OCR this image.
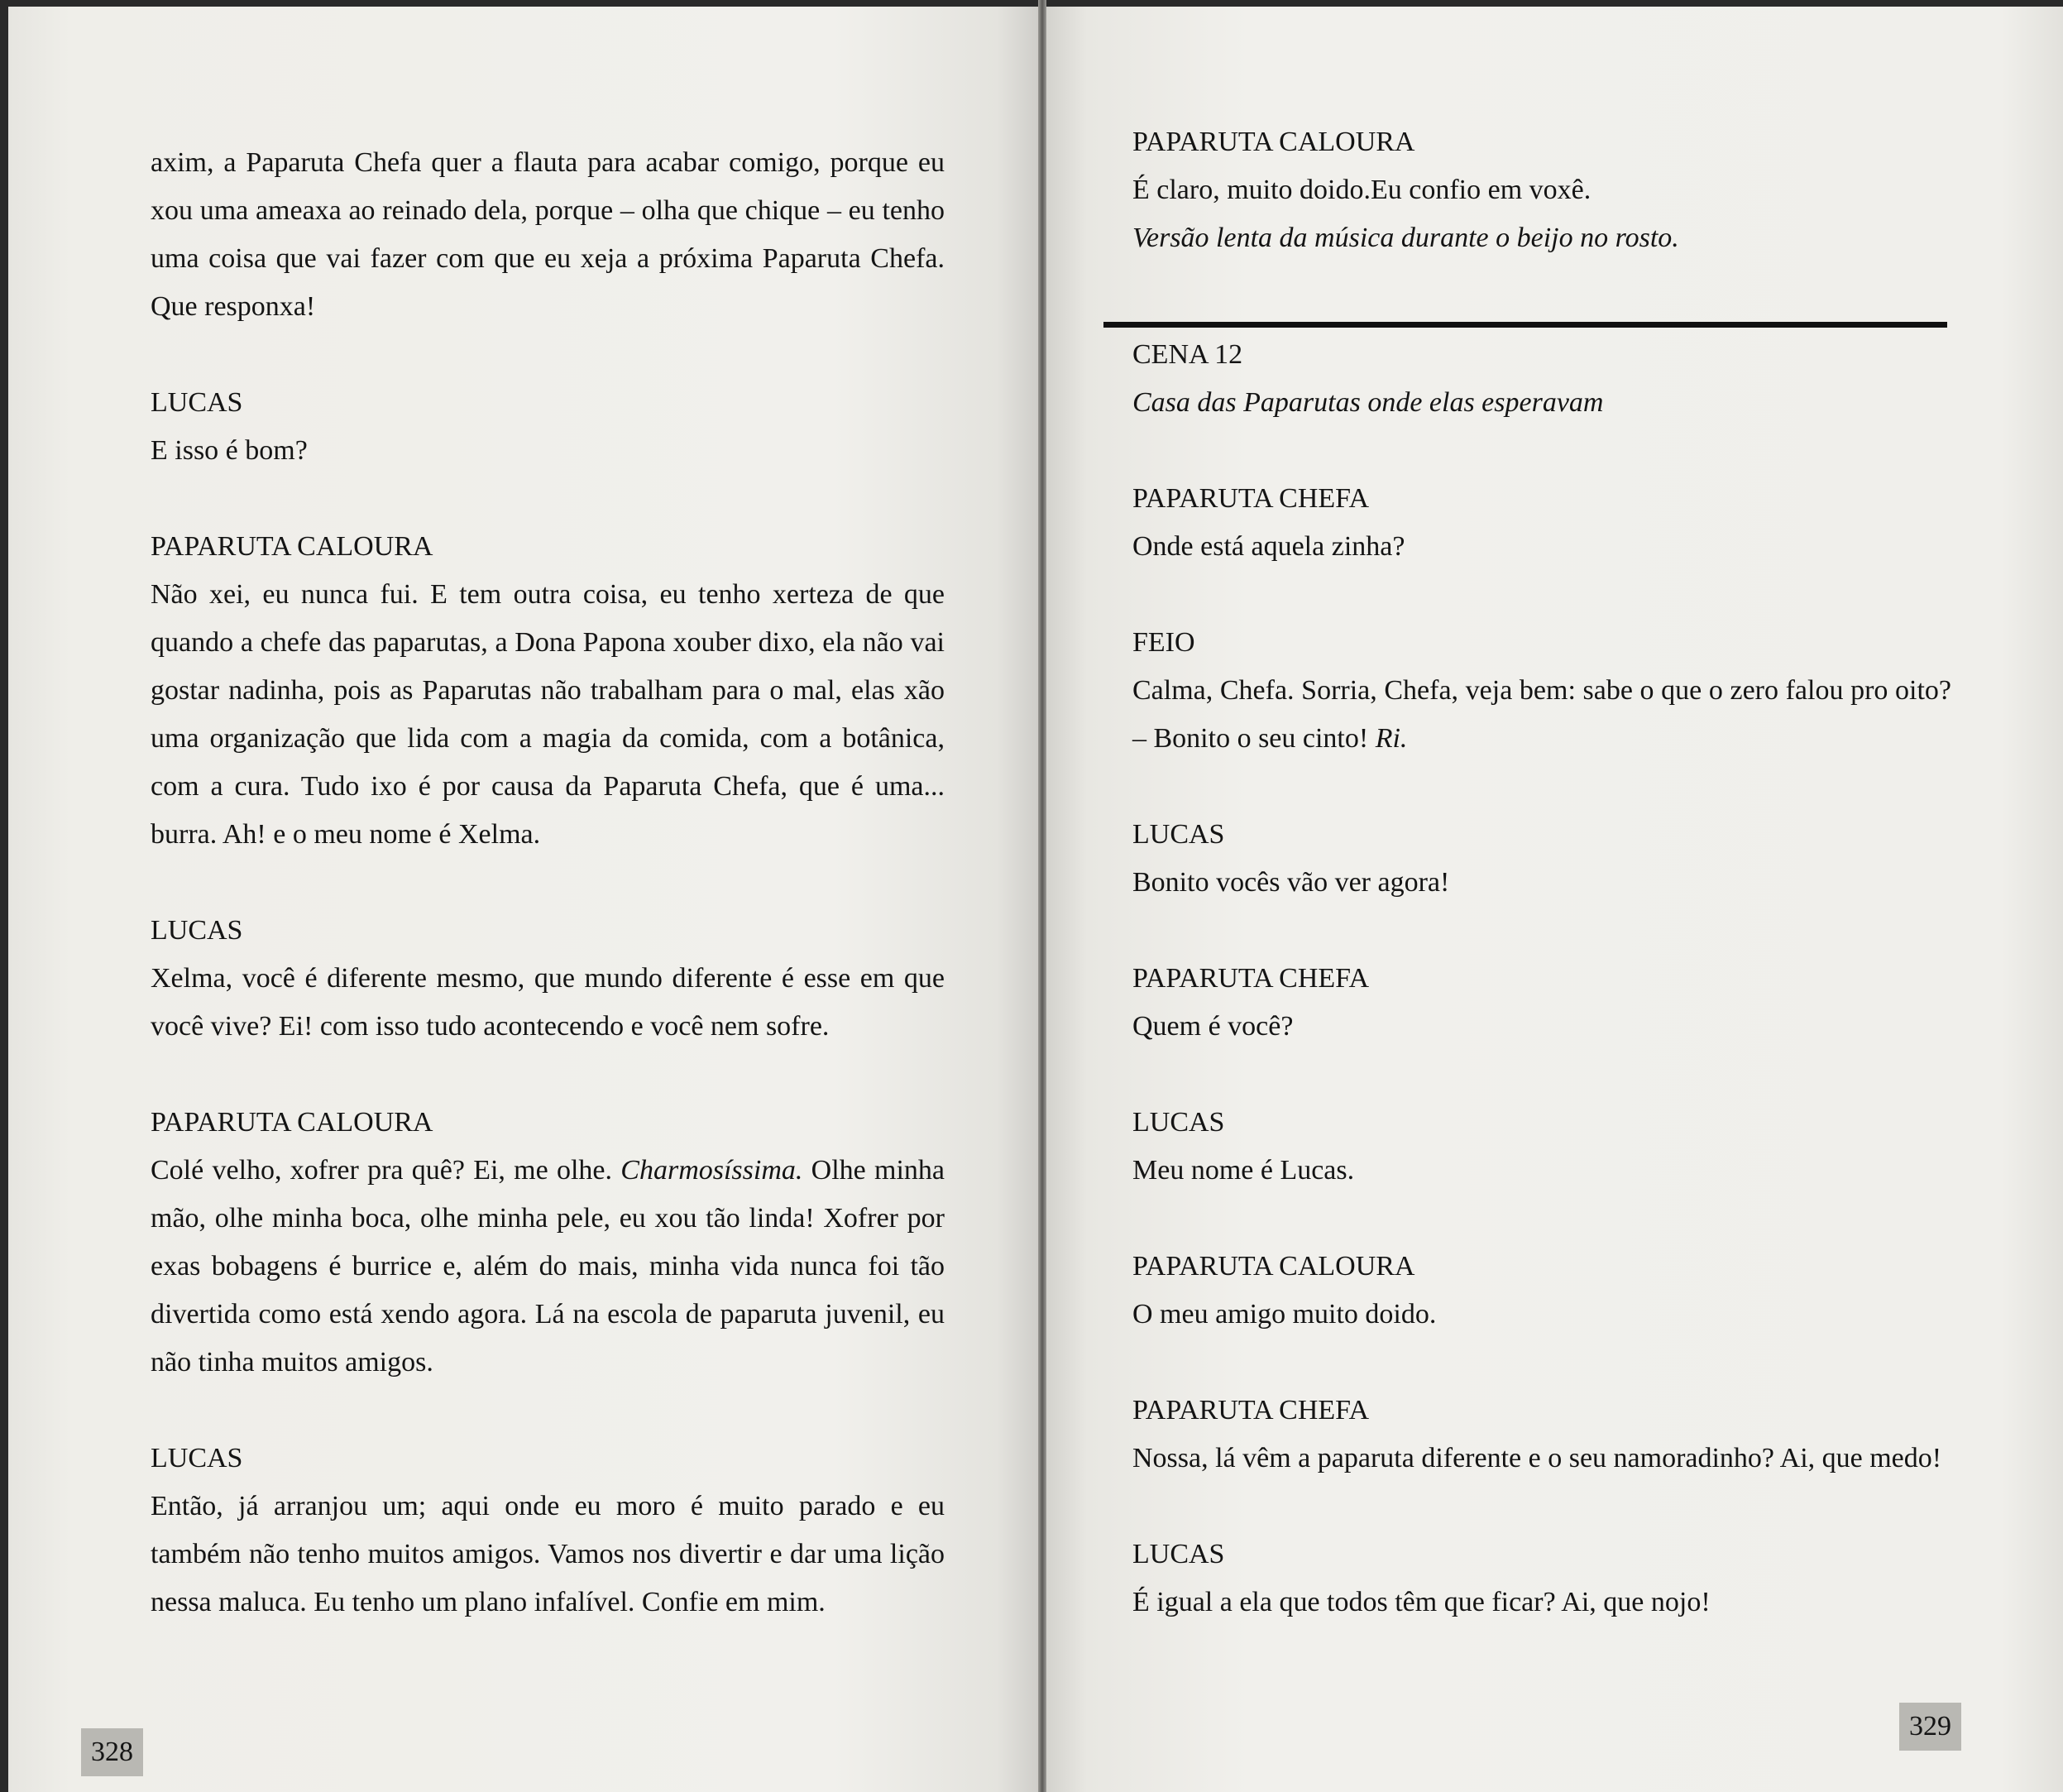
axim, a Paparuta Chefa quer a flauta para acabar comigo, porque eu xou uma ameaxa ao reinado dela, porque – olha que chique – eu tenho uma coisa que vai fazer com que eu xeja a próxima Paparuta Chefa. Que responxa!

LUCAS

E isso é bom?

PAPARUTA CALOURA

Não xei, eu nunca fui. E tem outra coisa, eu tenho xerteza de que quando a chefe das paparutas, a Dona Papona xouber dixo, ela não vai gostar nadinha, pois as Paparutas não trabalham para o mal, elas xão uma organização que lida com a magia da comida, com a botânica, com a cura. Tudo ixo é por causa da Paparuta Chefa, que é uma... burra. Ah! e o meu nome é Xelma.

LUCAS

Xelma, você é diferente mesmo, que mundo diferente é esse em que você vive? Ei! com isso tudo acontecendo e você nem sofre.

PAPARUTA CALOURA

Colé velho, xofrer pra quê? Ei, me olhe. Charmosíssima. Olhe minha mão, olhe minha boca, olhe minha pele, eu xou tão linda! Xofrer por exas bobagens é burrice e, além do mais, minha vida nunca foi tão divertida como está xendo agora. Lá na escola de paparuta juvenil, eu não tinha muitos amigos.

LUCAS

Então, já arranjou um; aqui onde eu moro é muito parado e eu também não tenho muitos amigos. Vamos nos divertir e dar uma lição nessa maluca. Eu tenho um plano infalível. Confie em mim.

328

PAPARUTA CALOURA

É claro, muito doido.Eu confio em voxê.

Versão lenta da música durante o beijo no rosto.

CENA 12

Casa das Paparutas onde elas esperavam

PAPARUTA CHEFA

Onde está aquela zinha?

FEIO

Calma, Chefa. Sorria, Chefa, veja bem: sabe o que o zero falou pro oito? – Bonito o seu cinto! Ri.

LUCAS

Bonito vocês vão ver agora!

PAPARUTA CHEFA

Quem é você?

LUCAS

Meu nome é Lucas.

PAPARUTA CALOURA

O meu amigo muito doido.

PAPARUTA CHEFA

Nossa, lá vêm a paparuta diferente e o seu namoradinho? Ai, que medo!

LUCAS

É igual a ela que todos têm que ficar? Ai, que nojo!

329
